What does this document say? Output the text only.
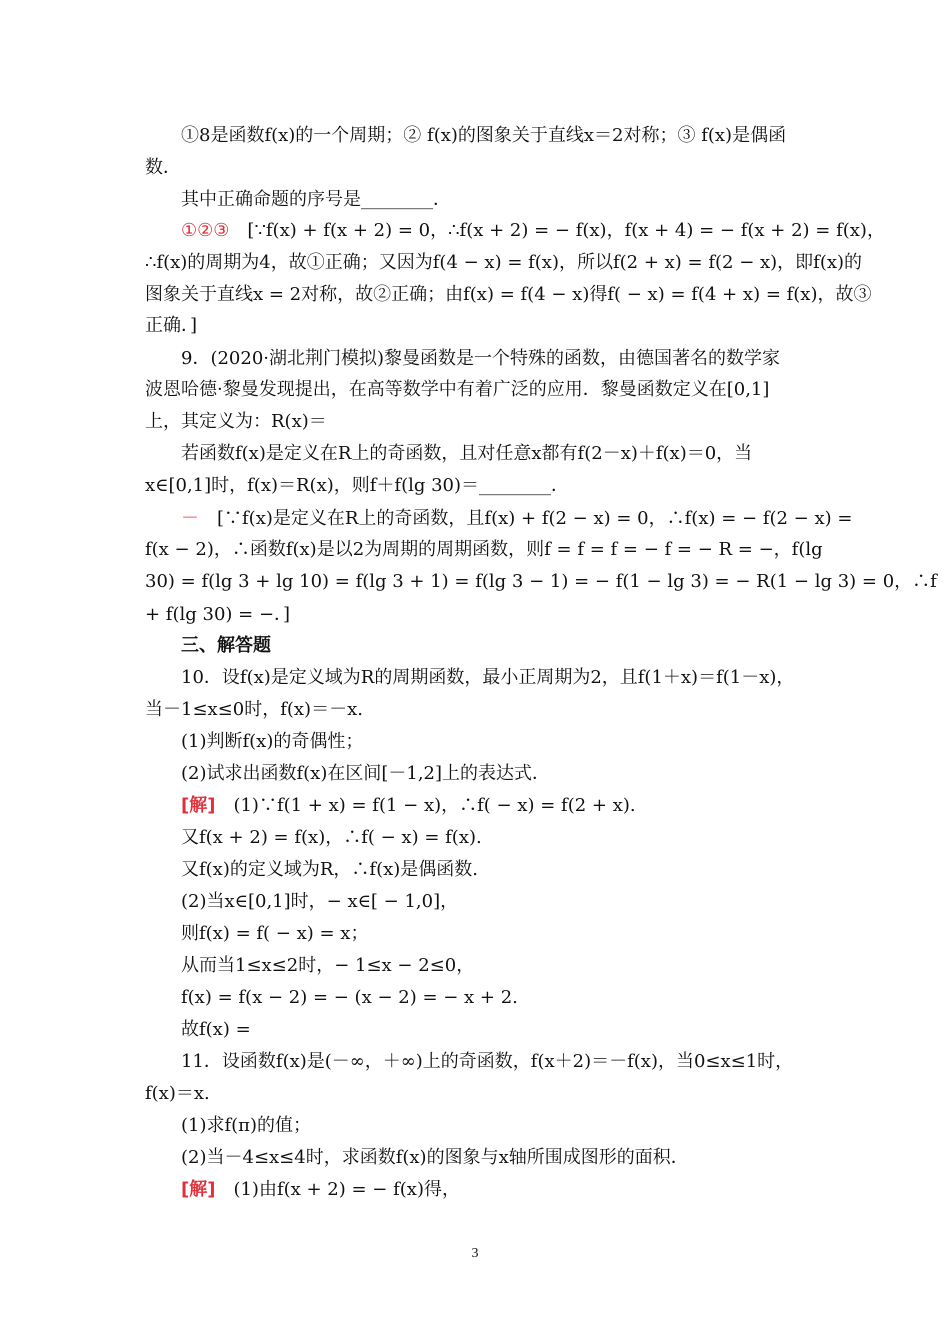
①8是函数f(x)的一个周期；② f(x)的图象关于直线x＝2对称；③ f(x)是偶函
数．
其中正确命题的序号是________．
①②③　 [∵f(x) + f(x + 2) = 0，∴f(x + 2) = − f(x)，f(x + 4) = − f(x + 2) = f(x)，
∴f(x)的周期为4，故①正确；又因为f(4 − x) = f(x)，所以f(2 + x) = f(2 − x)，即f(x)的
图象关于直线x = 2对称，故②正确；由f(x) = f(4 − x)得f( − x) = f(4 + x) = f(x)，故③
正确．]
9．(2020·湖北荆门模拟)黎曼函数是一个特殊的函数，由德国著名的数学家
波恩哈德·黎曼发现提出，在高等数学中有着广泛的应用．黎曼函数定义在[0,1]
上，其定义为：R(x)＝
若函数f(x)是定义在R上的奇函数，且对任意x都有f(2－x)＋f(x)＝0，当
x∈[0,1]时，f(x)＝R(x)，则f＋f(lg 30)＝________．
－　 [∵f(x)是定义在R上的奇函数，且f(x) + f(2 − x) = 0，∴f(x) = − f(2 − x) =
f(x − 2)，∴函数f(x)是以2为周期的周期函数，则f = f = f = − f = − R = −，f(lg
30) = f(lg 3 + lg 10) = f(lg 3 + 1) = f(lg 3 − 1) = − f(1 − lg 3) = − R(1 − lg 3) = 0，∴f
+ f(lg 30) = −．]
三、解答题
10．设f(x)是定义域为R的周期函数，最小正周期为2，且f(1＋x)＝f(1－x)，
当－1≤x≤0时，f(x)＝－x.
(1)判断f(x)的奇偶性；
(2)试求出函数f(x)在区间[－1,2]上的表达式．
[解]　 (1)∵f(1 + x) = f(1 − x)，∴f( − x) = f(2 + x).
又f(x + 2) = f(x)，∴f( − x) = f(x).
又f(x)的定义域为R，∴f(x)是偶函数.
(2)当x∈[0,1]时，− x∈[ − 1,0]，
则f(x) = f( − x) = x；
从而当1≤x≤2时，− 1≤x − 2≤0，
f(x) = f(x − 2) = − (x − 2) = − x + 2.
故f(x) =
11．设函数f(x)是(－∞，＋∞)上的奇函数，f(x＋2)＝－f(x)，当0≤x≤1时，
f(x)＝x.
(1)求f(π)的值；
(2)当－4≤x≤4时，求函数f(x)的图象与x轴所围成图形的面积．
[解]　 (1)由f(x + 2) = − f(x)得，
3
